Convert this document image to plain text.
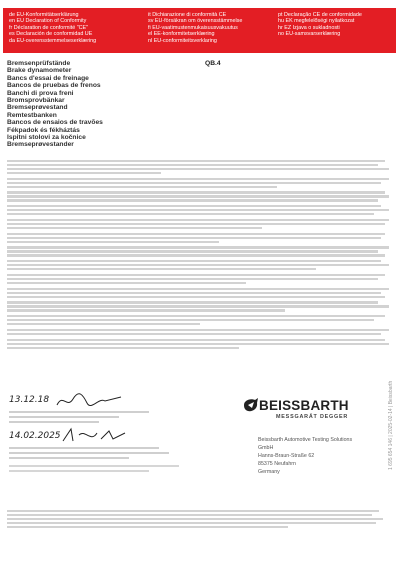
de EU-Konformitätserklärung
en EU Declaration of Conformity
fr Déclaration de conformité "CE"
es Declaración de conformidad UE
da EU-overensstemmelseserklæring
it Dichiarazione di conformità CE
sv EU-försäkran om överensstämmelse
fi EU-vaatimustenmukaisuusvakuutus
el EE-konformitetserklæring
nl EU-conformiteitsverklaring
pt Declaração CE de conformidade
hu EK megfelelőségi nyilatkozat
hr EZ Izjava o sukladnosti
no EU-samsvarserklæring
Bremsenprüfstände
Brake dynamometer
Bancs d'essai de freinage
Bancos de pruebas de frenos
Banchi di prova freni
Bromsprovbänkar
Bremseprøvestand
Remtestbanken
Bancos de ensaios de travões
Fékpadok és fékháztás
Ispitni stolovi za kočnice
Bremseprøvestander
QB.4
13.12.18
14.02.2025
BEISSBARTH
MESSGARÄT DEGGER
Beissbarth Automotive Testing Solutions
GmbH
Hanns-Braun-Straße 62
85375 Neufahrn
Germany
1 695 654 146 | 2025-02-14 | Beissbarth
